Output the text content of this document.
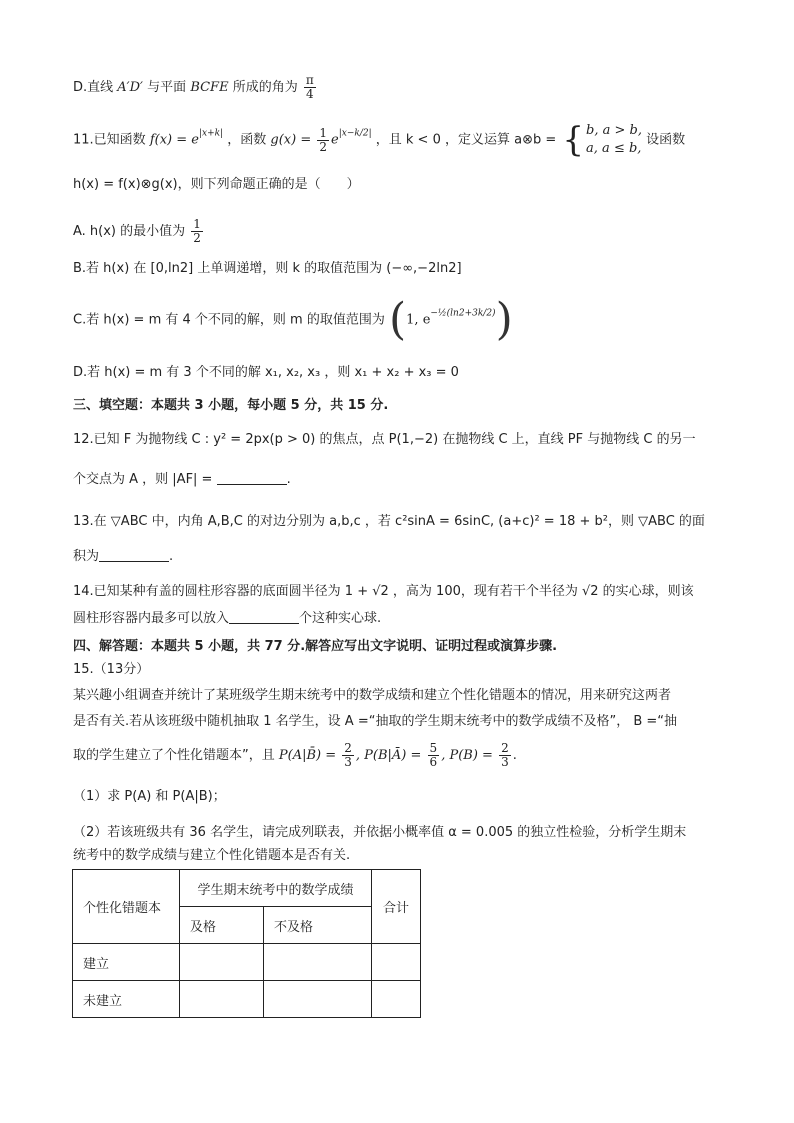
D.直线 A′D′ 与平面 BCFE 所成的角为 $\frac{\pi}{4}$
11.已知函数 $f(x) = e^{|x+k|}$ ，函数 $g(x) = \frac{1}{2} e^{|x-k/2|}$ ，且 k < 0 ，定义运算 a⊗b = { b, a > b,
a, a ≤ b,
设函数
h(x) = f(x)⊗g(x)，则下列命题正确的是（　　）
A. h(x) 的最小值为 $\frac{1}{2}$
B.若 h(x) 在 [0,ln2] 上单调递增，则 k 的取值范围为 (−∞,−2ln2]
C.若 h(x) = m 有 4 个不同的解，则 m 的取值范围为 (1, $e^{-\frac{1}{2}(ln2+3k/2)}$)
D.若 h(x) = m 有 3 个不同的解 x₁, x₂, x₃ ，则 x₁ + x₂ + x₃ = 0
三、填空题：本题共 3 小题，每小题 5 分，共 15 分.
12.已知 F 为抛物线 C : y² = 2px(p > 0) 的焦点，点 P(1,−2) 在抛物线 C 上，直线 PF 与抛物线 C 的另一
个交点为 A ，则 |AF| =	.
13.在 ▽ABC 中，内角 A,B,C 的对边分别为 a,b,c ，若 c²sinA = 6sinC, (a+c)² = 18 + b²，则 ▽ABC 的面
积为	.
14.已知某种有盖的圆柱形容器的底面圆半径为 1 + √2 ，高为 100，现有若干个半径为 √2 的实心球，则该
圆柱形容器内最多可以放入	个这种实心球.
四、解答题：本题共 5 小题，共 77 分.解答应写出文字说明、证明过程或演算步骤.
15.（13分）
某兴趣小组调查并统计了某班级学生期末统考中的数学成绩和建立个性化错题本的情况，用来研究这两者
是否有关.若从该班级中随机抽取 1 名学生，设 A =“抽取的学生期末统考中的数学成绩不及格”， B =“抽
取的学生建立了个性化错题本”，且 P(A|B̄) = $\frac{2}{3}$ , P(B|Ā) = $\frac{5}{6}$ , $P(B) = \frac{2}{3}$ .
（1）求 P(A) 和 P(A|B)；
（2）若该班级共有 36 名学生，请完成列联表，并依据小概率值 α = 0.005 的独立性检验，分析学生期末
统考中的数学成绩与建立个性化错题本是否有关.
个性化错题本	学生期末统考中的数学成绩		合计
	及格	不及格	
建立			
未建立			
